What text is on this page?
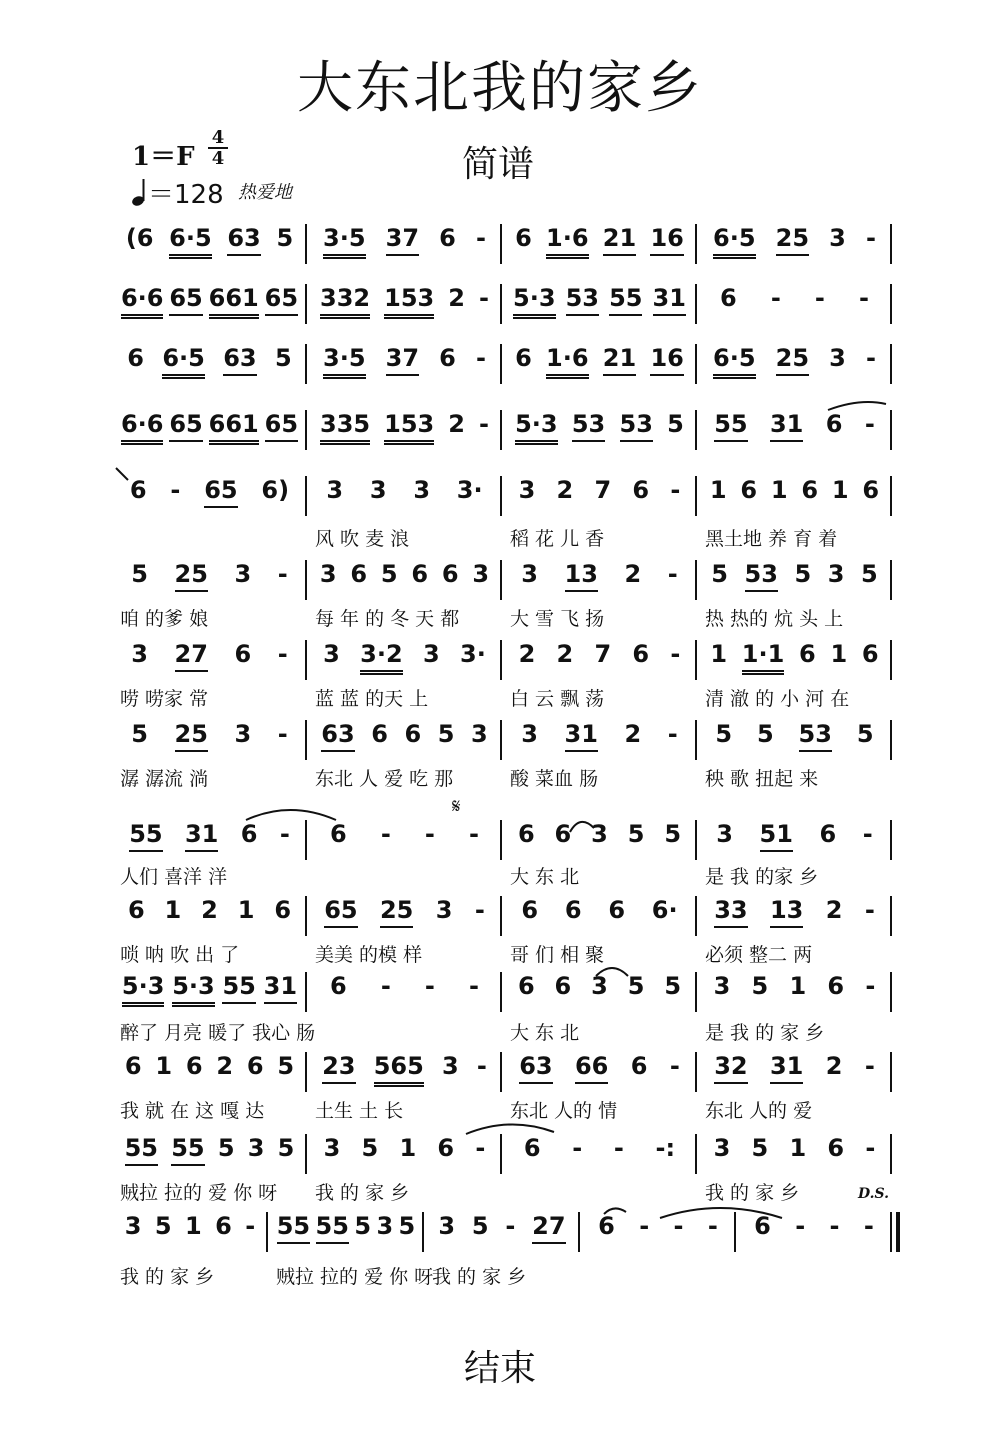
大东北我的家乡
简谱
1＝F
4
4
＝128 热爱地
𝄋
D.S.
(6 6·5 63 5 3·5 37 6 - 6 1·6 21 16 6·5 25 3 -
6·6 65 661 65 332 153 2 - 5·3 53 55 31 6 - - -
6 6·5 63 5 3·5 37 6 - 6 1·6 21 16 6·5 25 3 -
6·6 65 661 65 335 153 2 - 5·3 53 53 5 55 31 6 -
6 - 65 6) 3 3 3 3· 3 2 7 6 - 1 6 1 6 1 6
风 吹 麦 浪	稻 花 儿 香	黑土地 养 育 着
5 25 3 - 3 6 5 6 6 3 3 13 2 - 5 53 5 3 5
咱 的爹 娘	每 年 的 冬 天 都	大 雪 飞 扬	热 热的 炕 头 上
3 27 6 - 3 3·2 3 3· 2 2 7 6 - 1 1·1 6 1 6
唠 唠家 常	蓝 蓝 的天 上	白 云 飘 荡	清 澈 的 小 河 在
5 25 3 - 63 6 6 5 3 3 31 2 - 5 5 53 5
潺 潺流 淌	东北 人 爱 吃 那	酸 菜血 肠	秧 歌 扭起 来
55 31 6 - 6 - - - 6 6 3 5 5 3 51 6 -
人们 喜洋 洋	大 东 北	是 我 的家 乡
6 1 2 1 6 65 25 3 - 6 6 6 6· 33 13 2 -
唢 呐 吹 出 了	美美 的模 样	哥 们 相 聚	必须 整二 两
5·3 5·3 55 31 6 - - - 6 6 3 5 5 3 5 1 6 -
醉了 月亮 暖了 我心 肠	大 东 北	是 我 的 家 乡
6 1 6 2 6 5 23 565 3 - 63 66 6 - 32 31 2 -
我 就 在 这 嘎 达	土生 土 长	东北 人的 情	东北 人的 爱
55 55 5 3 5 3 5 1 6 - 6 - - -: 3 5 1 6 -
贼拉 拉的 爱 你 呀 我 的 家 乡	我 的 家 乡
3 5 1 6 - 55 55 5 3 5 3 5 - 27 6 - - - 6 - - -
我 的 家 乡	贼拉 拉的 爱 你 呀
我 的 家 乡
结束
